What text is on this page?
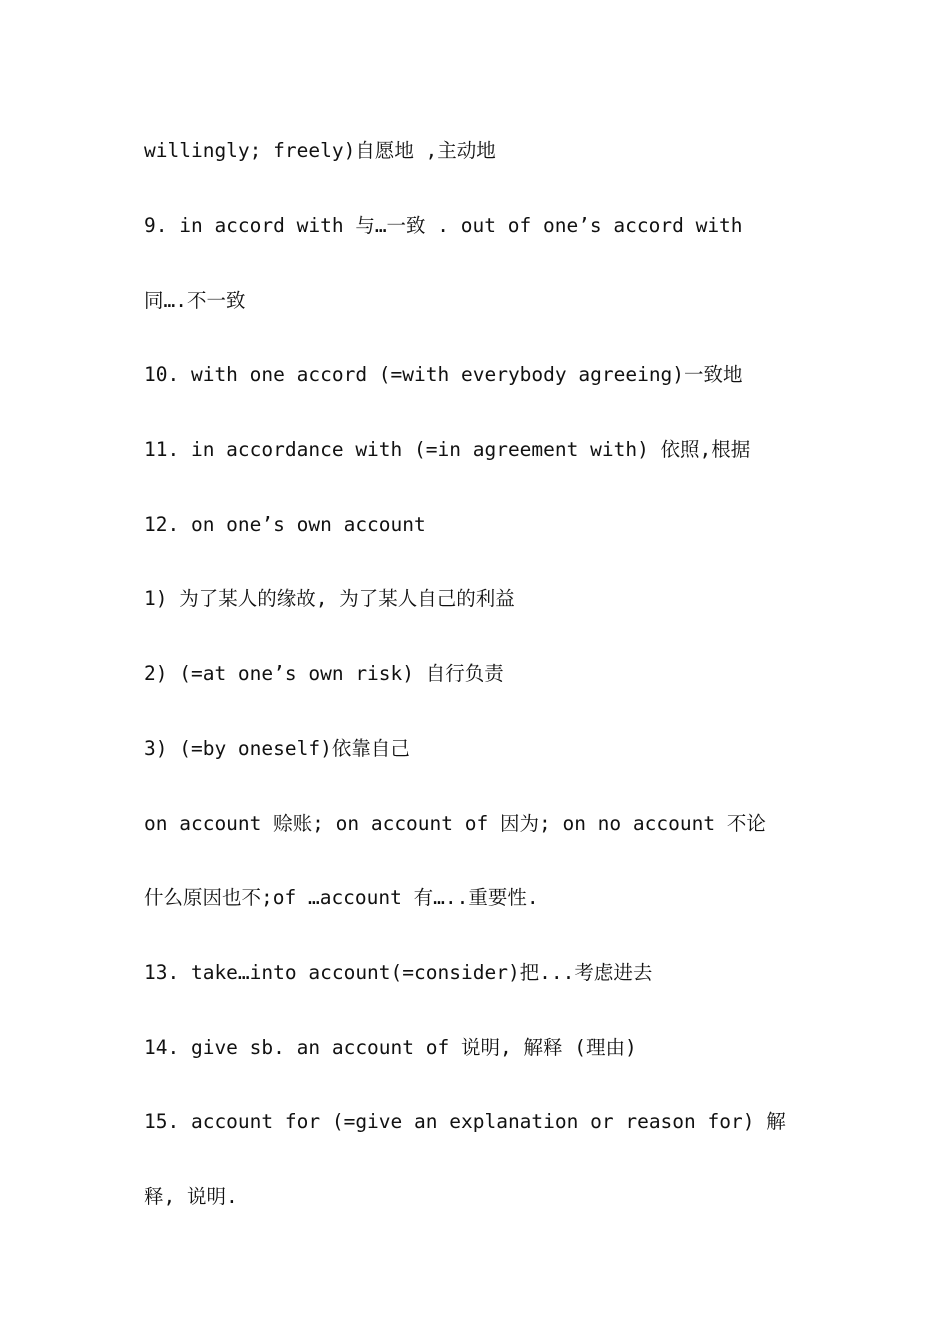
willingly; freely)自愿地 ,主动地
9. in accord with 与…一致 . out of one’s accord with
同….不一致
10. with one accord (=with everybody agreeing)一致地
11. in accordance with (=in agreement with) 依照,根据
12. on one’s own account
1) 为了某人的缘故, 为了某人自己的利益
2) (=at one’s own risk) 自行负责
3) (=by oneself)依靠自己
on account 赊账; on account of 因为; on no account 不论
什么原因也不;of …account 有…..重要性.
13. take…into account(=consider)把...考虑进去
14. give sb. an account of 说明, 解释 (理由)
15. account for (=give an explanation or reason for) 解
释, 说明.
